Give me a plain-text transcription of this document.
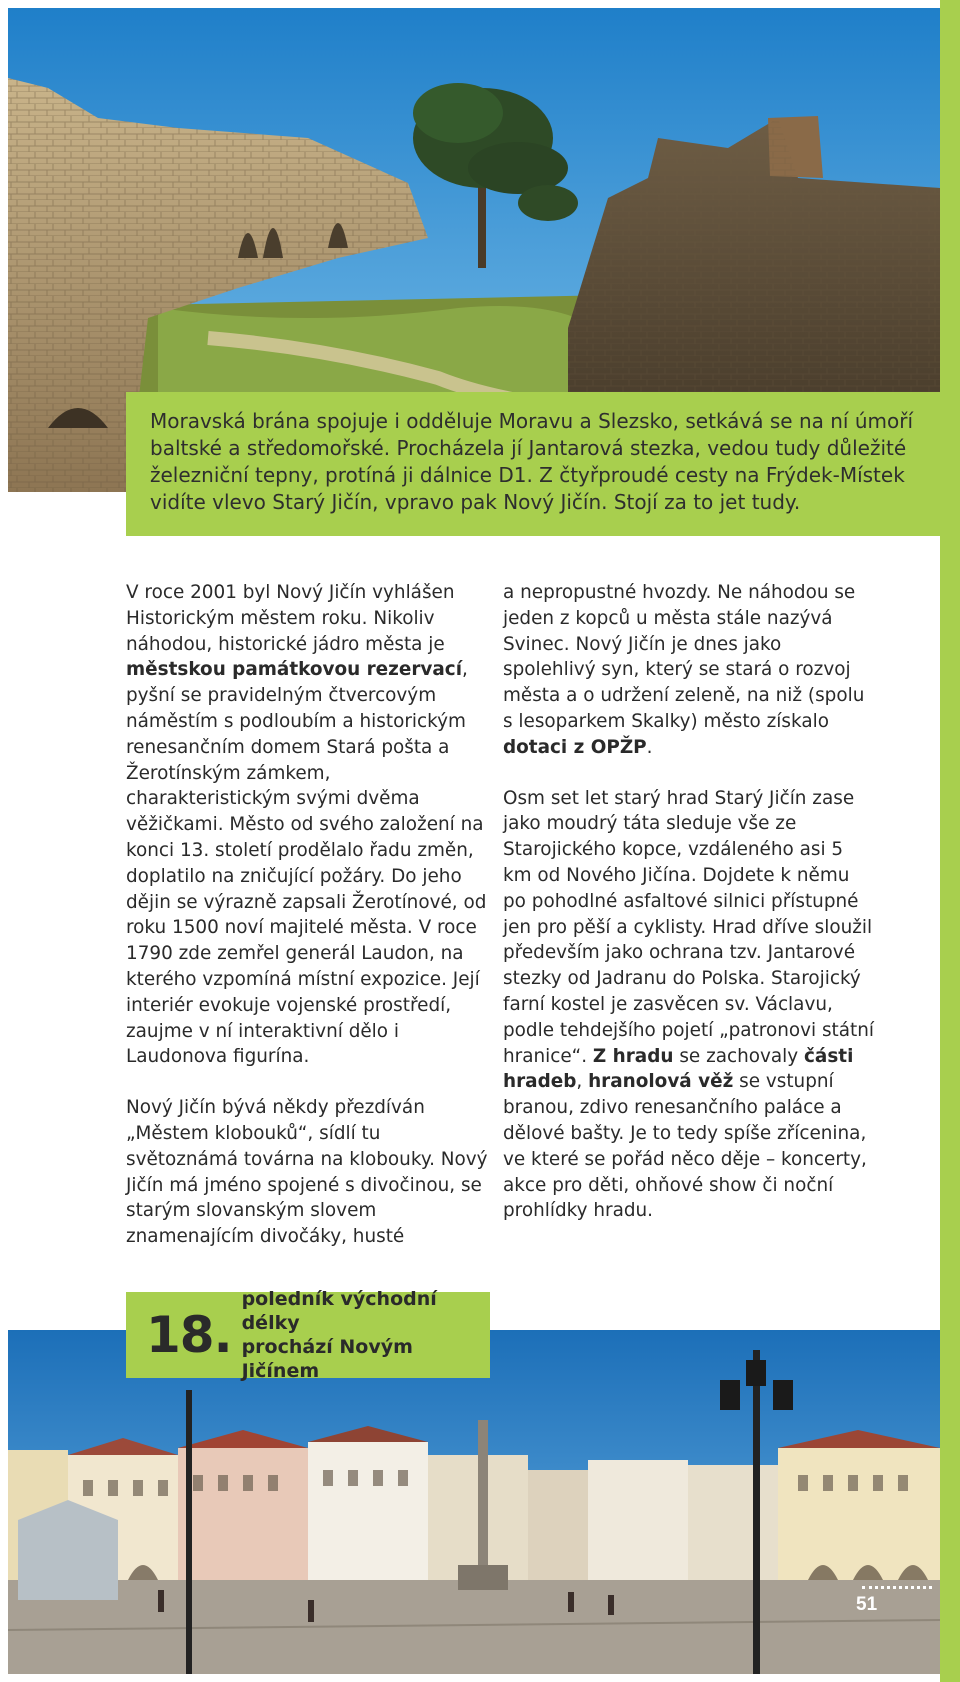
Moravská brána spojuje i odděluje Moravu a Slezsko, setkává se na ní úmoří baltské a středomořské. Procházela jí Jantarová stezka, vedou tudy důležité železniční tepny, protíná ji dálnice D1. Z čtyřproudé cesty na Frýdek-Místek vidíte vlevo Starý Jičín, vpravo pak Nový Jičín. Stojí za to jet tudy.

V roce 2001 byl Nový Jičín vyhlášen Historickým městem roku. Nikoliv náhodou, historické jádro města je městskou památkovou rezervací, pyšní se pravidelným čtvercovým náměstím s podloubím a historickým renesančním domem Stará pošta a Žerotínským zámkem, charakteristickým svými dvěma věžičkami. Město od svého založení na konci 13. století prodělalo řadu změn, doplatilo na zničující požáry. Do jeho dějin se výrazně zapsali Žerotínové, od roku 1500 noví majitelé města. V roce 1790 zde zemřel generál Laudon, na kterého vzpomíná místní expozice. Její interiér evokuje vojenské prostředí, zaujme v ní interaktivní dělo i Laudonova figurína.

Nový Jičín bývá někdy přezdíván „Městem klobouků“, sídlí tu světoznámá továrna na klobouky. Nový Jičín má jméno spojené s divočinou, se starým slovanským slovem znamenajícím divočáky, husté

a nepropustné hvozdy. Ne náhodou se jeden z kopců u města stále nazývá Svinec. Nový Jičín je dnes jako spolehlivý syn, který se stará o rozvoj města a o udržení zeleně, na niž (spolu s lesoparkem Skalky) město získalo dotaci z OPŽP.

Osm set let starý hrad Starý Jičín zase jako moudrý táta sleduje vše ze Starojického kopce, vzdáleného asi 5 km od Nového Jičína. Dojdete k němu po pohodlné asfaltové silnici přístupné jen pro pěší a cyklisty. Hrad dříve sloužil především jako ochrana tzv. Jantarové stezky od Jadranu do Polska. Starojický farní kostel je zasvěcen sv. Václavu, podle tehdejšího pojetí „patronovi státní hranice“. Z hradu se zachovaly části hradeb, hranolová věž se vstupní branou, zdivo renesančního paláce a dělové bašty. Je to tedy spíše zřícenina, ve které se pořád něco děje – koncerty, akce pro děti, ohňové show či noční prohlídky hradu.

18.
poledník východní délky
prochází Novým Jičínem
51
